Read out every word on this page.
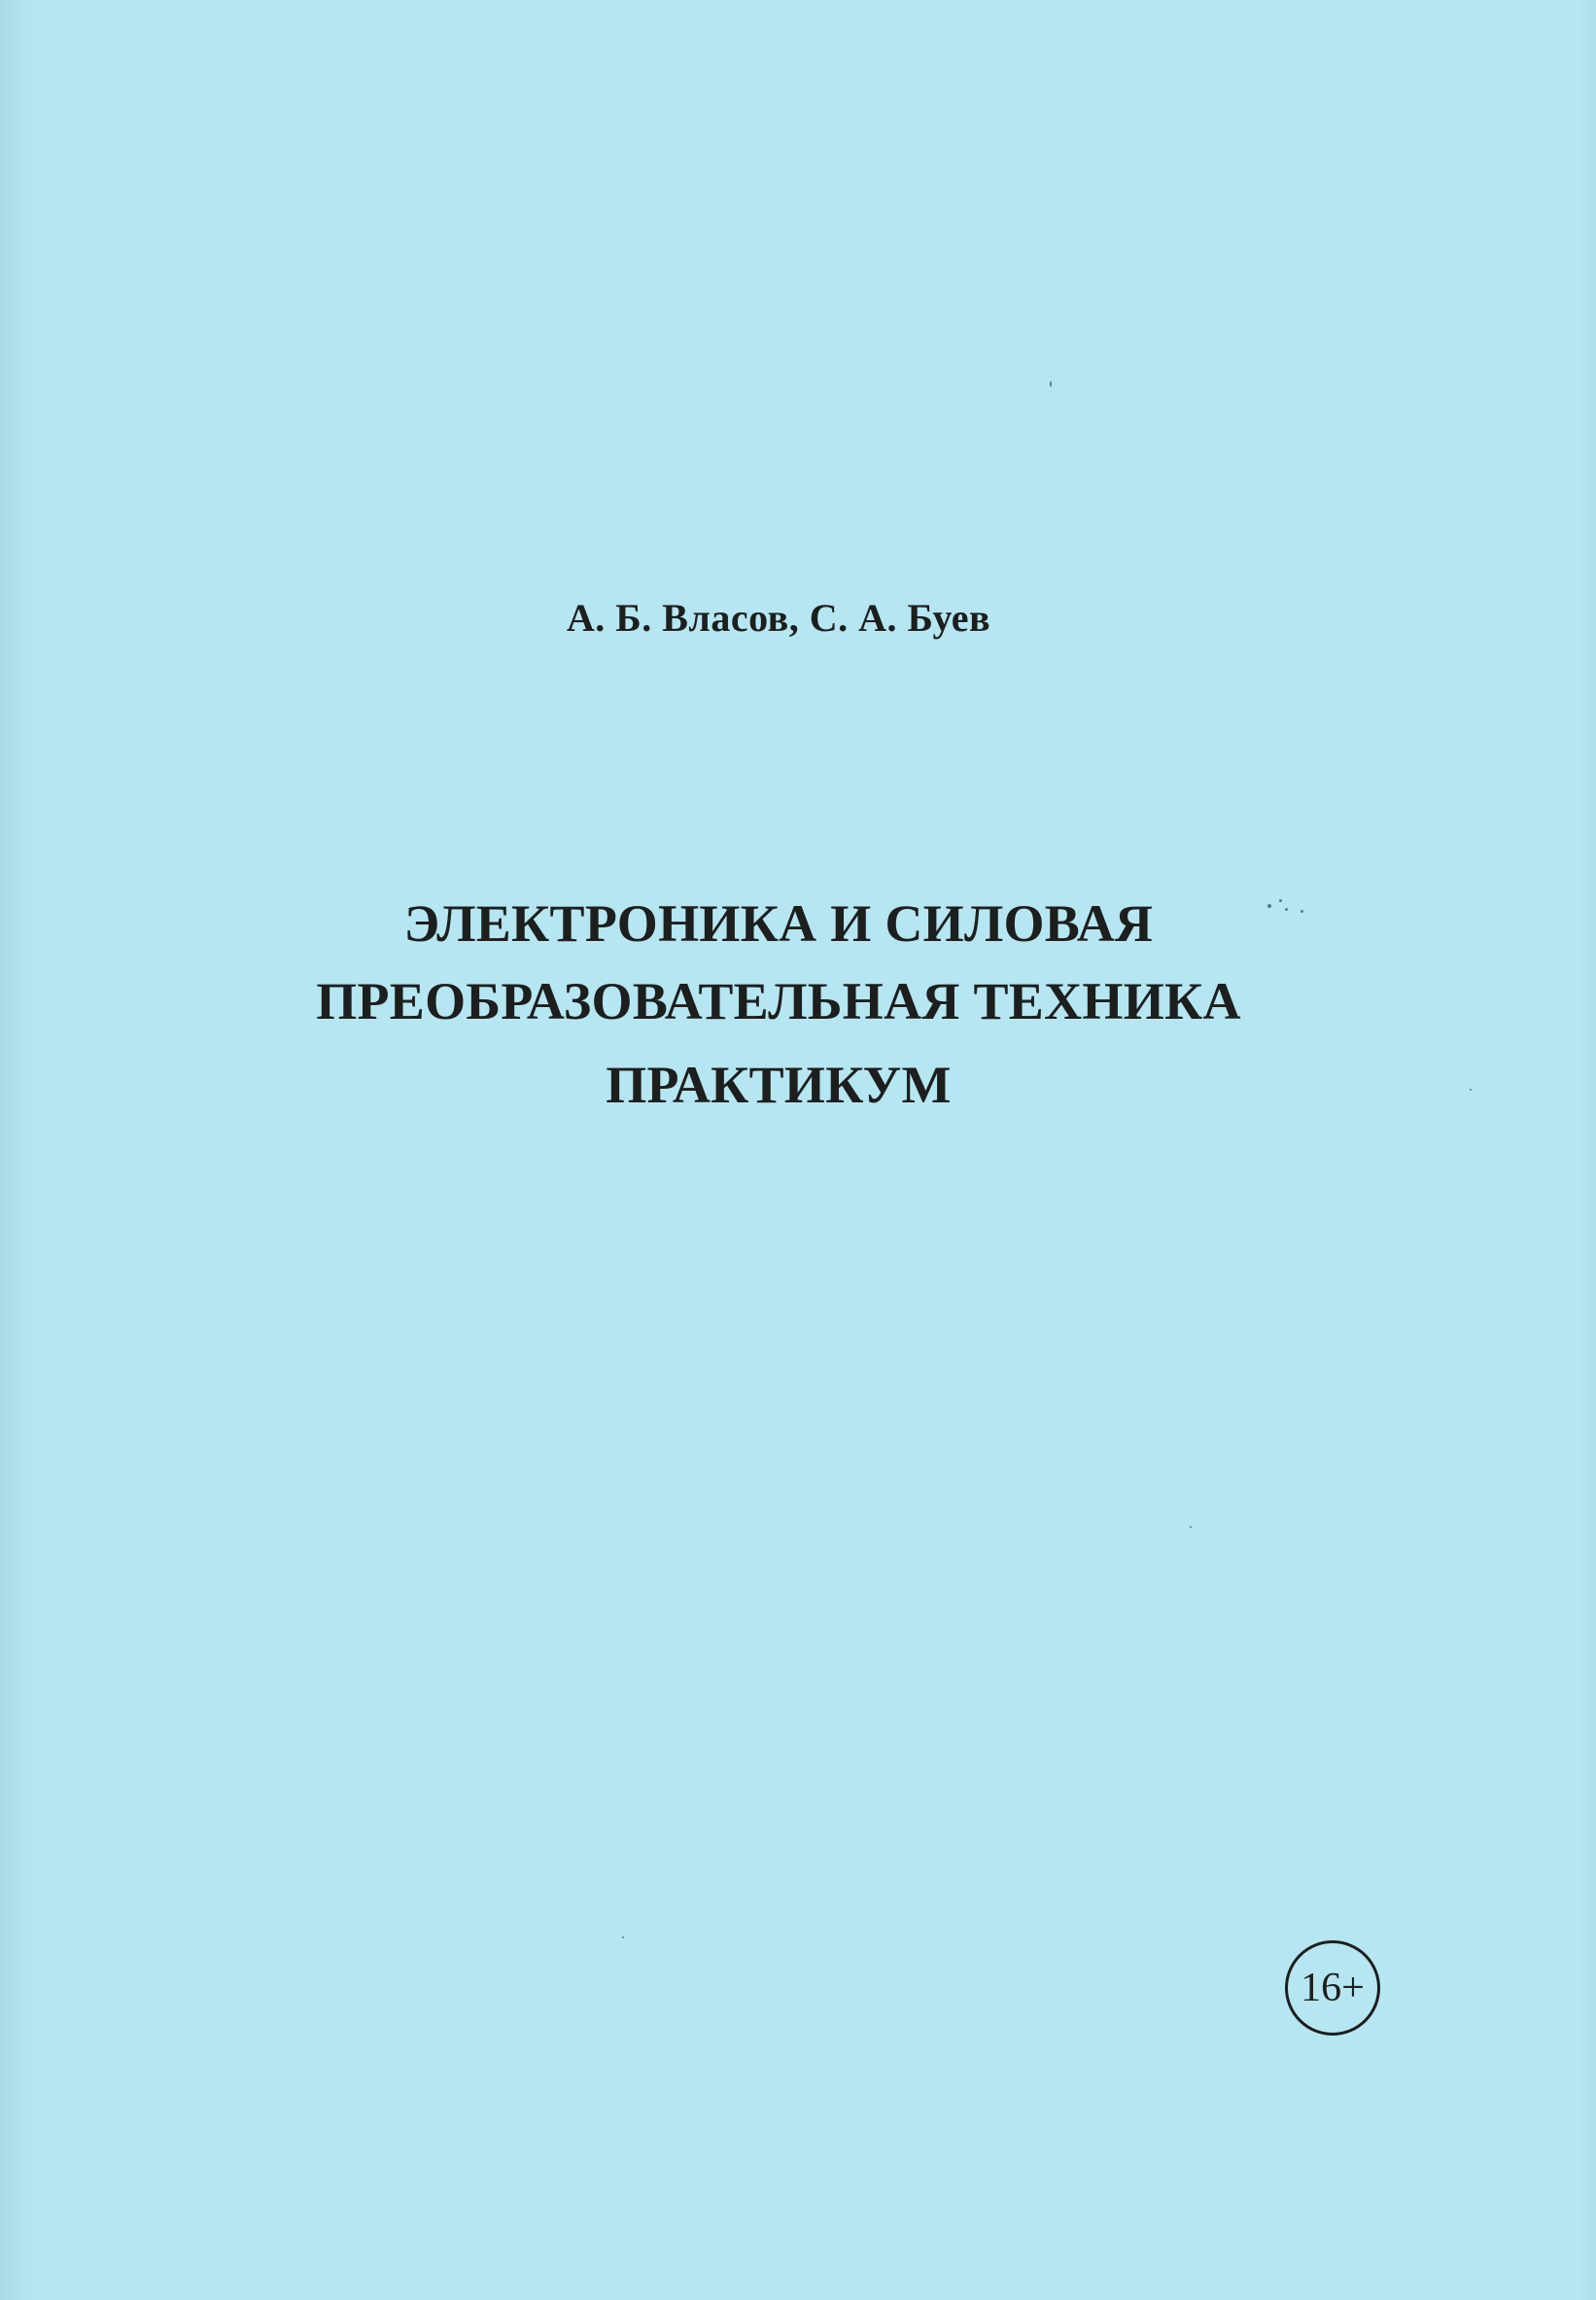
А. Б. Власов, С. А. Буев
ЭЛЕКТРОНИКА И СИЛОВАЯ
ПРЕОБРАЗОВАТЕЛЬНАЯ ТЕХНИКА
ПРАКТИКУМ
16+
